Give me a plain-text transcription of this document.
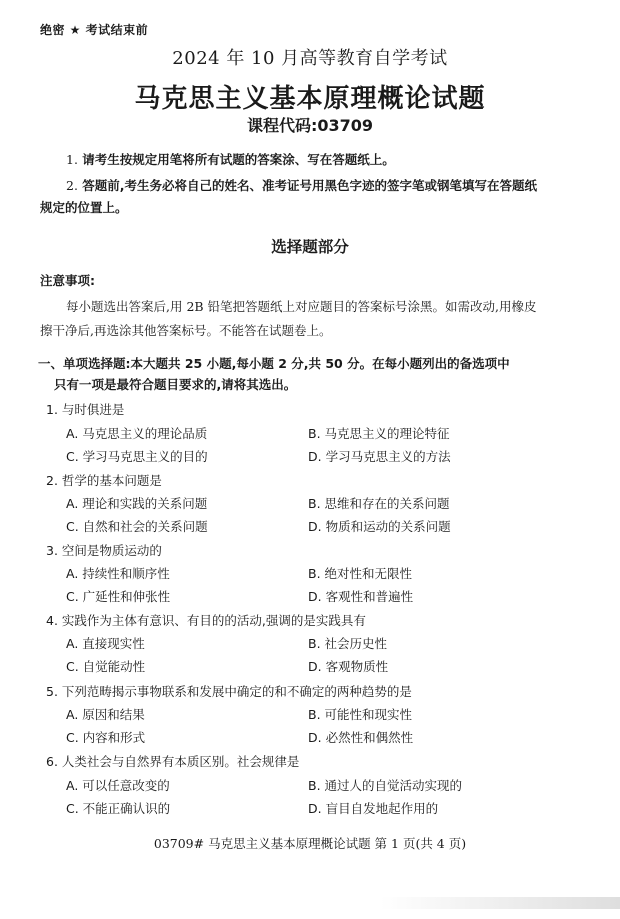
绝密 ★ 考试结束前
2024 年 10 月高等教育自学考试
马克思主义基本原理概论试题
课程代码:03709
1. 请考生按规定用笔将所有试题的答案涂、写在答题纸上。
2. 答题前,考生务必将自己的姓名、准考证号用黑色字迹的签字笔或钢笔填写在答题纸
规定的位置上。
选择题部分
注意事项:
每小题选出答案后,用 2B 铅笔把答题纸上对应题目的答案标号涂黑。如需改动,用橡皮
擦干净后,再选涂其他答案标号。不能答在试题卷上。
一、单项选择题:本大题共 25 小题,每小题 2 分,共 50 分。在每小题列出的备选项中
只有一项是最符合题目要求的,请将其选出。
1. 与时俱进是
A. 马克思主义的理论品质	B. 马克思主义的理论特征
C. 学习马克思主义的目的	D. 学习马克思主义的方法
2. 哲学的基本问题是
A. 理论和实践的关系问题	B. 思维和存在的关系问题
C. 自然和社会的关系问题	D. 物质和运动的关系问题
3. 空间是物质运动的
A. 持续性和顺序性	B. 绝对性和无限性
C. 广延性和伸张性	D. 客观性和普遍性
4. 实践作为主体有意识、有目的的活动,强调的是实践具有
A. 直接现实性	B. 社会历史性
C. 自觉能动性	D. 客观物质性
5. 下列范畴揭示事物联系和发展中确定的和不确定的两种趋势的是
A. 原因和结果	B. 可能性和现实性
C. 内容和形式	D. 必然性和偶然性
6. 人类社会与自然界有本质区别。社会规律是
A. 可以任意改变的	B. 通过人的自觉活动实现的
C. 不能正确认识的	D. 盲目自发地起作用的
03709# 马克思主义基本原理概论试题 第 1 页(共 4 页)
